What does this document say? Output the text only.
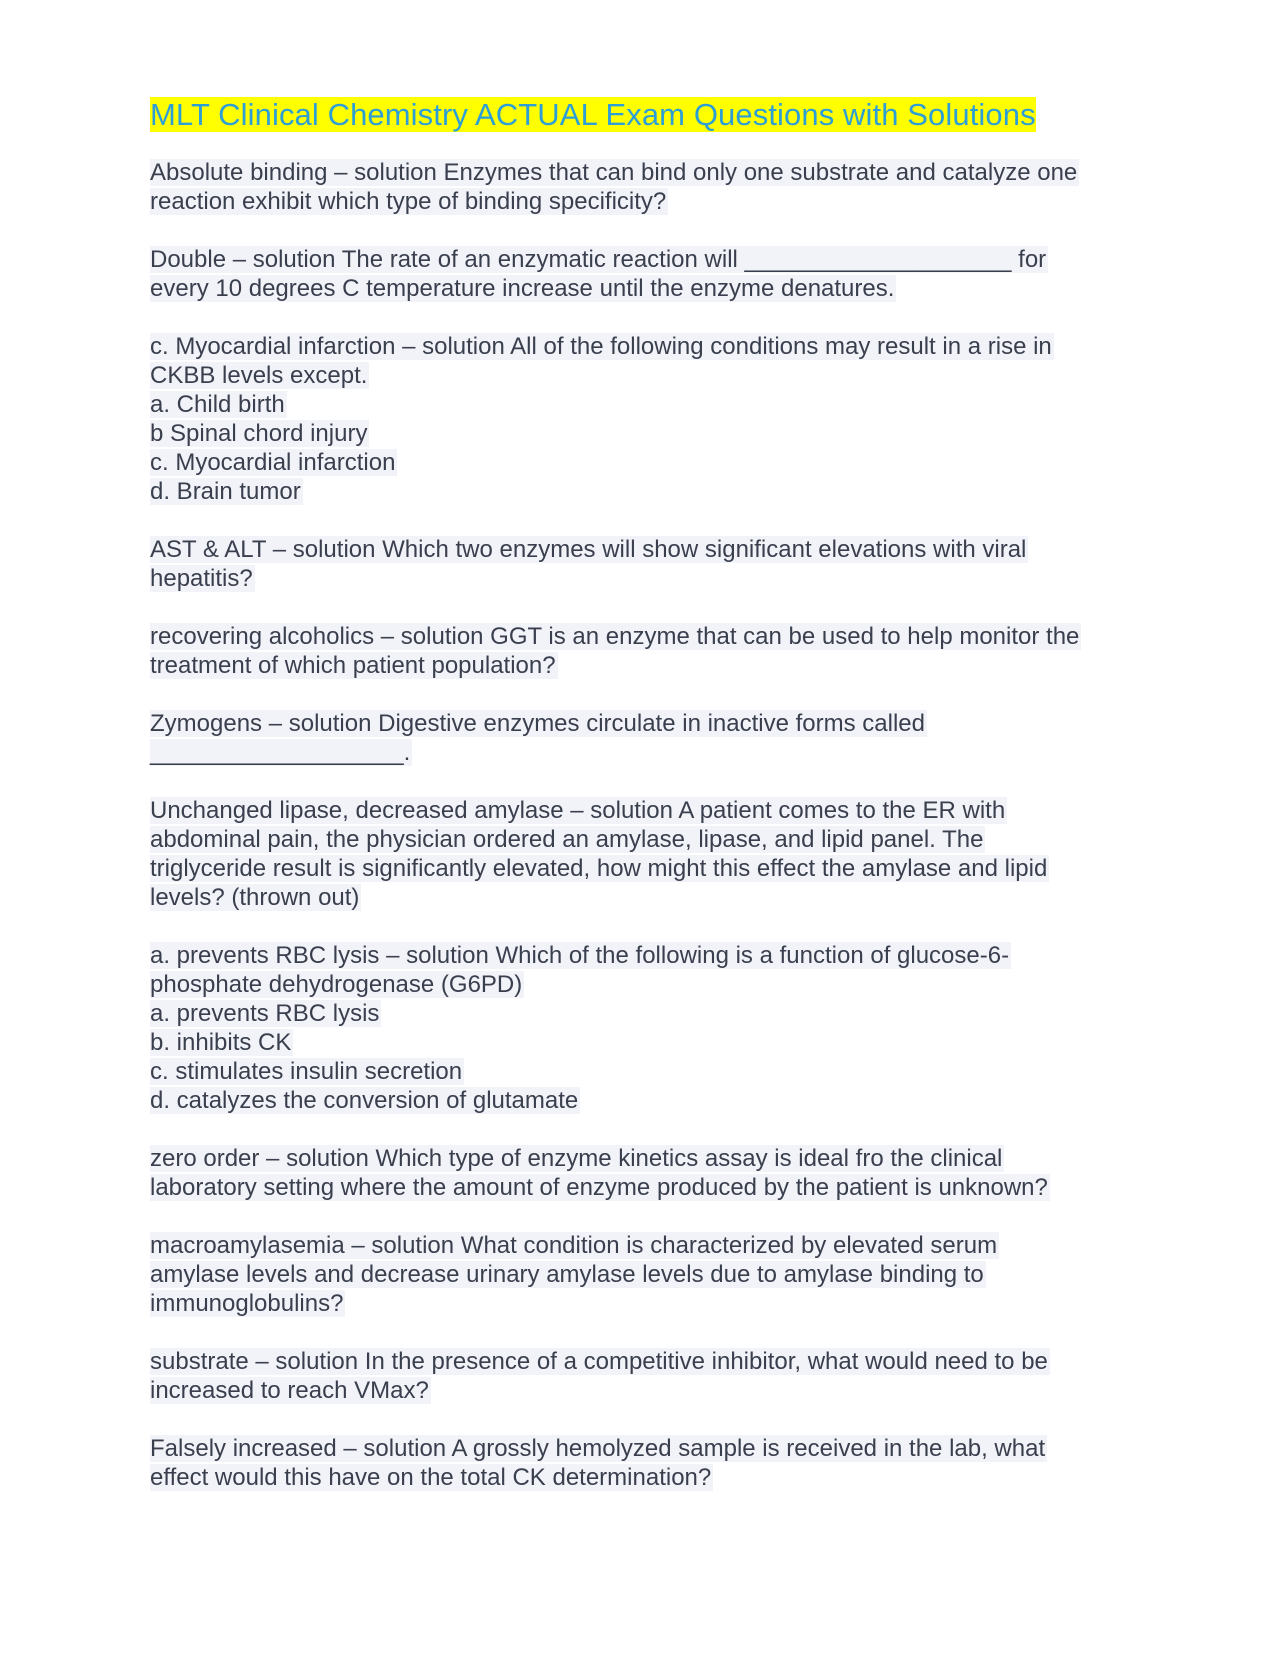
MLT Clinical Chemistry ACTUAL Exam Questions with Solutions
Absolute binding – solution Enzymes that can bind only one substrate and catalyze one
reaction exhibit which type of binding specificity?
Double – solution The rate of an enzymatic reaction will ____________________ for
every 10 degrees C temperature increase until the enzyme denatures.
c. Myocardial infarction – solution All of the following conditions may result in a rise in
CKBB levels except.
a. Child birth
b Spinal chord injury
c. Myocardial infarction
d. Brain tumor
AST & ALT – solution Which two enzymes will show significant elevations with viral
hepatitis?
recovering alcoholics – solution GGT is an enzyme that can be used to help monitor the
treatment of which patient population?
Zymogens – solution Digestive enzymes circulate in inactive forms called
___________________.
Unchanged lipase, decreased amylase – solution A patient comes to the ER with
abdominal pain, the physician ordered an amylase, lipase, and lipid panel. The
triglyceride result is significantly elevated, how might this effect the amylase and lipid
levels? (thrown out)
a. prevents RBC lysis – solution Which of the following is a function of glucose-6-
phosphate dehydrogenase (G6PD)
a. prevents RBC lysis
b. inhibits CK
c. stimulates insulin secretion
d. catalyzes the conversion of glutamate
zero order – solution Which type of enzyme kinetics assay is ideal fro the clinical
laboratory setting where the amount of enzyme produced by the patient is unknown?
macroamylasemia – solution What condition is characterized by elevated serum
amylase levels and decrease urinary amylase levels due to amylase binding to
immunoglobulins?
substrate – solution In the presence of a competitive inhibitor, what would need to be
increased to reach VMax?
Falsely increased – solution A grossly hemolyzed sample is received in the lab, what
effect would this have on the total CK determination?
